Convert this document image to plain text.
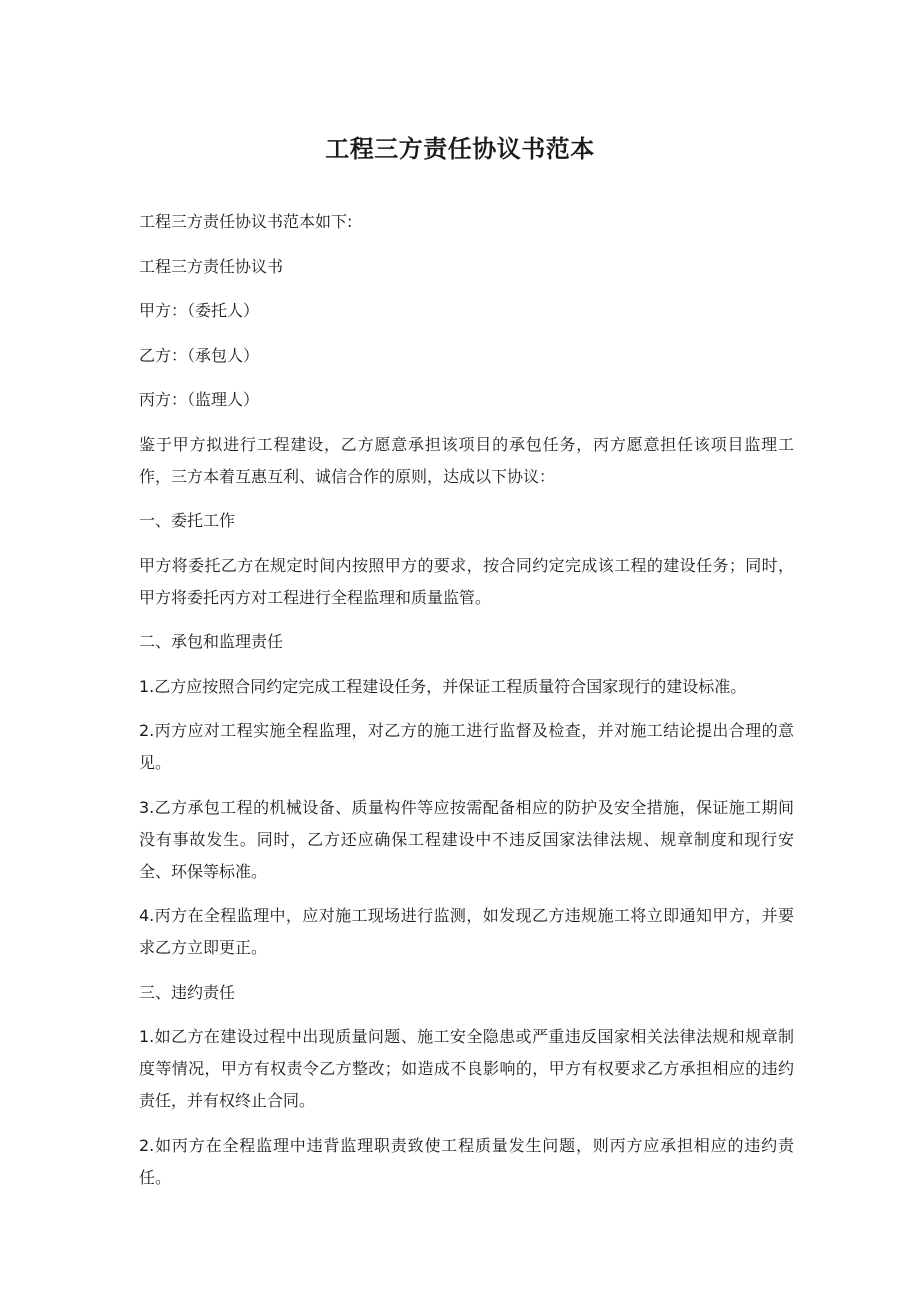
工程三方责任协议书范本

工程三方责任协议书范本如下:

工程三方责任协议书

甲方：（委托人）

乙方：（承包人）

丙方：（监理人）

鉴于甲方拟进行工程建设，乙方愿意承担该项目的承包任务，丙方愿意担任该项目监理工作，三方本着互惠互利、诚信合作的原则，达成以下协议：

一、委托工作

甲方将委托乙方在规定时间内按照甲方的要求，按合同约定完成该工程的建设任务；同时，甲方将委托丙方对工程进行全程监理和质量监管。

二、承包和监理责任

1.乙方应按照合同约定完成工程建设任务，并保证工程质量符合国家现行的建设标准。

2.丙方应对工程实施全程监理，对乙方的施工进行监督及检查，并对施工结论提出合理的意见。

3.乙方承包工程的机械设备、质量构件等应按需配备相应的防护及安全措施，保证施工期间没有事故发生。同时，乙方还应确保工程建设中不违反国家法律法规、规章制度和现行安全、环保等标准。

4.丙方在全程监理中，应对施工现场进行监测，如发现乙方违规施工将立即通知甲方，并要求乙方立即更正。

三、违约责任

1.如乙方在建设过程中出现质量问题、施工安全隐患或严重违反国家相关法律法规和规章制度等情况，甲方有权责令乙方整改；如造成不良影响的，甲方有权要求乙方承担相应的违约责任，并有权终止合同。

2.如丙方在全程监理中违背监理职责致使工程质量发生问题，则丙方应承担相应的违约责任。
